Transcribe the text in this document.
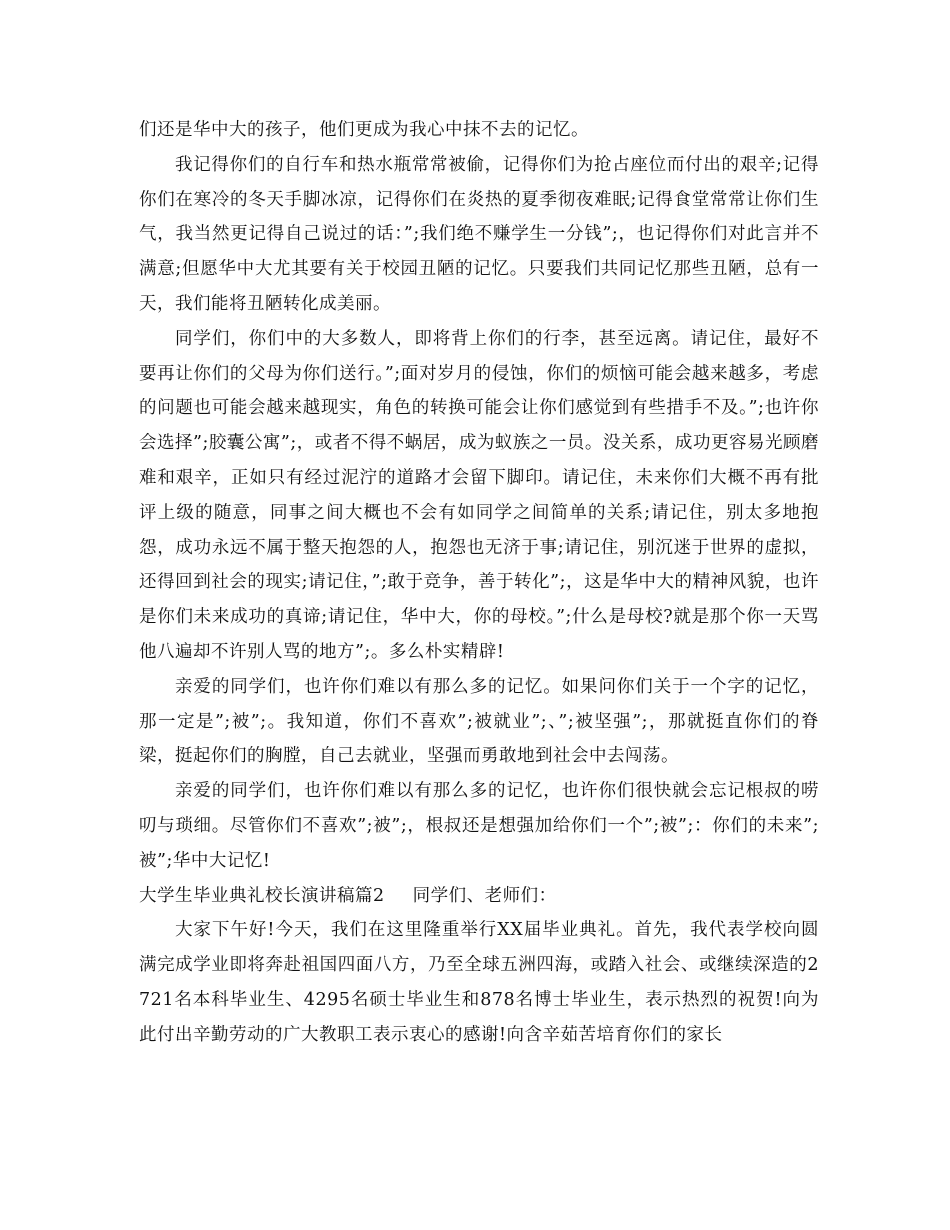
们还是华中大的孩子，他们更成为我心中抹不去的记忆。

我记得你们的自行车和热水瓶常常被偷，记得你们为抢占座位而付出的艰辛;记得你们在寒冷的冬天手脚冰凉，记得你们在炎热的夏季彻夜难眠;记得食堂常常让你们生气，我当然更记得自己说过的话：”;我们绝不赚学生一分钱”;，也记得你们对此言并不满意;但愿华中大尤其要有关于校园丑陋的记忆。只要我们共同记忆那些丑陋，总有一天，我们能将丑陋转化成美丽。

同学们，你们中的大多数人，即将背上你们的行李，甚至远离。请记住，最好不要再让你们的父母为你们送行。”;面对岁月的侵蚀，你们的烦恼可能会越来越多，考虑的问题也可能会越来越现实，角色的转换可能会让你们感觉到有些措手不及。”;也许你会选择”;胶囊公寓”;，或者不得不蜗居，成为蚁族之一员。没关系，成功更容易光顾磨难和艰辛，正如只有经过泥泞的道路才会留下脚印。请记住，未来你们大概不再有批评上级的随意，同事之间大概也不会有如同学之间简单的关系;请记住，别太多地抱怨，成功永远不属于整天抱怨的人，抱怨也无济于事;请记住，别沉迷于世界的虚拟，还得回到社会的现实;请记住，”;敢于竞争，善于转化”;，这是华中大的精神风貌，也许是你们未来成功的真谛;请记住，华中大，你的母校。”;什么是母校?就是那个你一天骂他八遍却不许别人骂的地方”;。多么朴实精辟!

亲爱的同学们，也许你们难以有那么多的记忆。如果问你们关于一个字的记忆，那一定是”;被”;。我知道，你们不喜欢”;被就业”;、”;被坚强”;，那就挺直你们的脊梁，挺起你们的胸膛，自己去就业，坚强而勇敢地到社会中去闯荡。

亲爱的同学们，也许你们难以有那么多的记忆，也许你们很快就会忘记根叔的唠叨与琐细。尽管你们不喜欢”;被”;，根叔还是想强加给你们一个”;被”;：你们的未来”;被”;华中大记忆!

大学生毕业典礼校长演讲稿篇2 同学们、老师们：

大家下午好!今天，我们在这里隆重举行XX届毕业典礼。首先，我代表学校向圆满完成学业即将奔赴祖国四面八方，乃至全球五洲四海，或踏入社会、或继续深造的2721名本科毕业生、4295名硕士毕业生和878名博士毕业生，表示热烈的祝贺!向为此付出辛勤劳动的广大教职工表示衷心的感谢!向含辛茹苦培育你们的家长
